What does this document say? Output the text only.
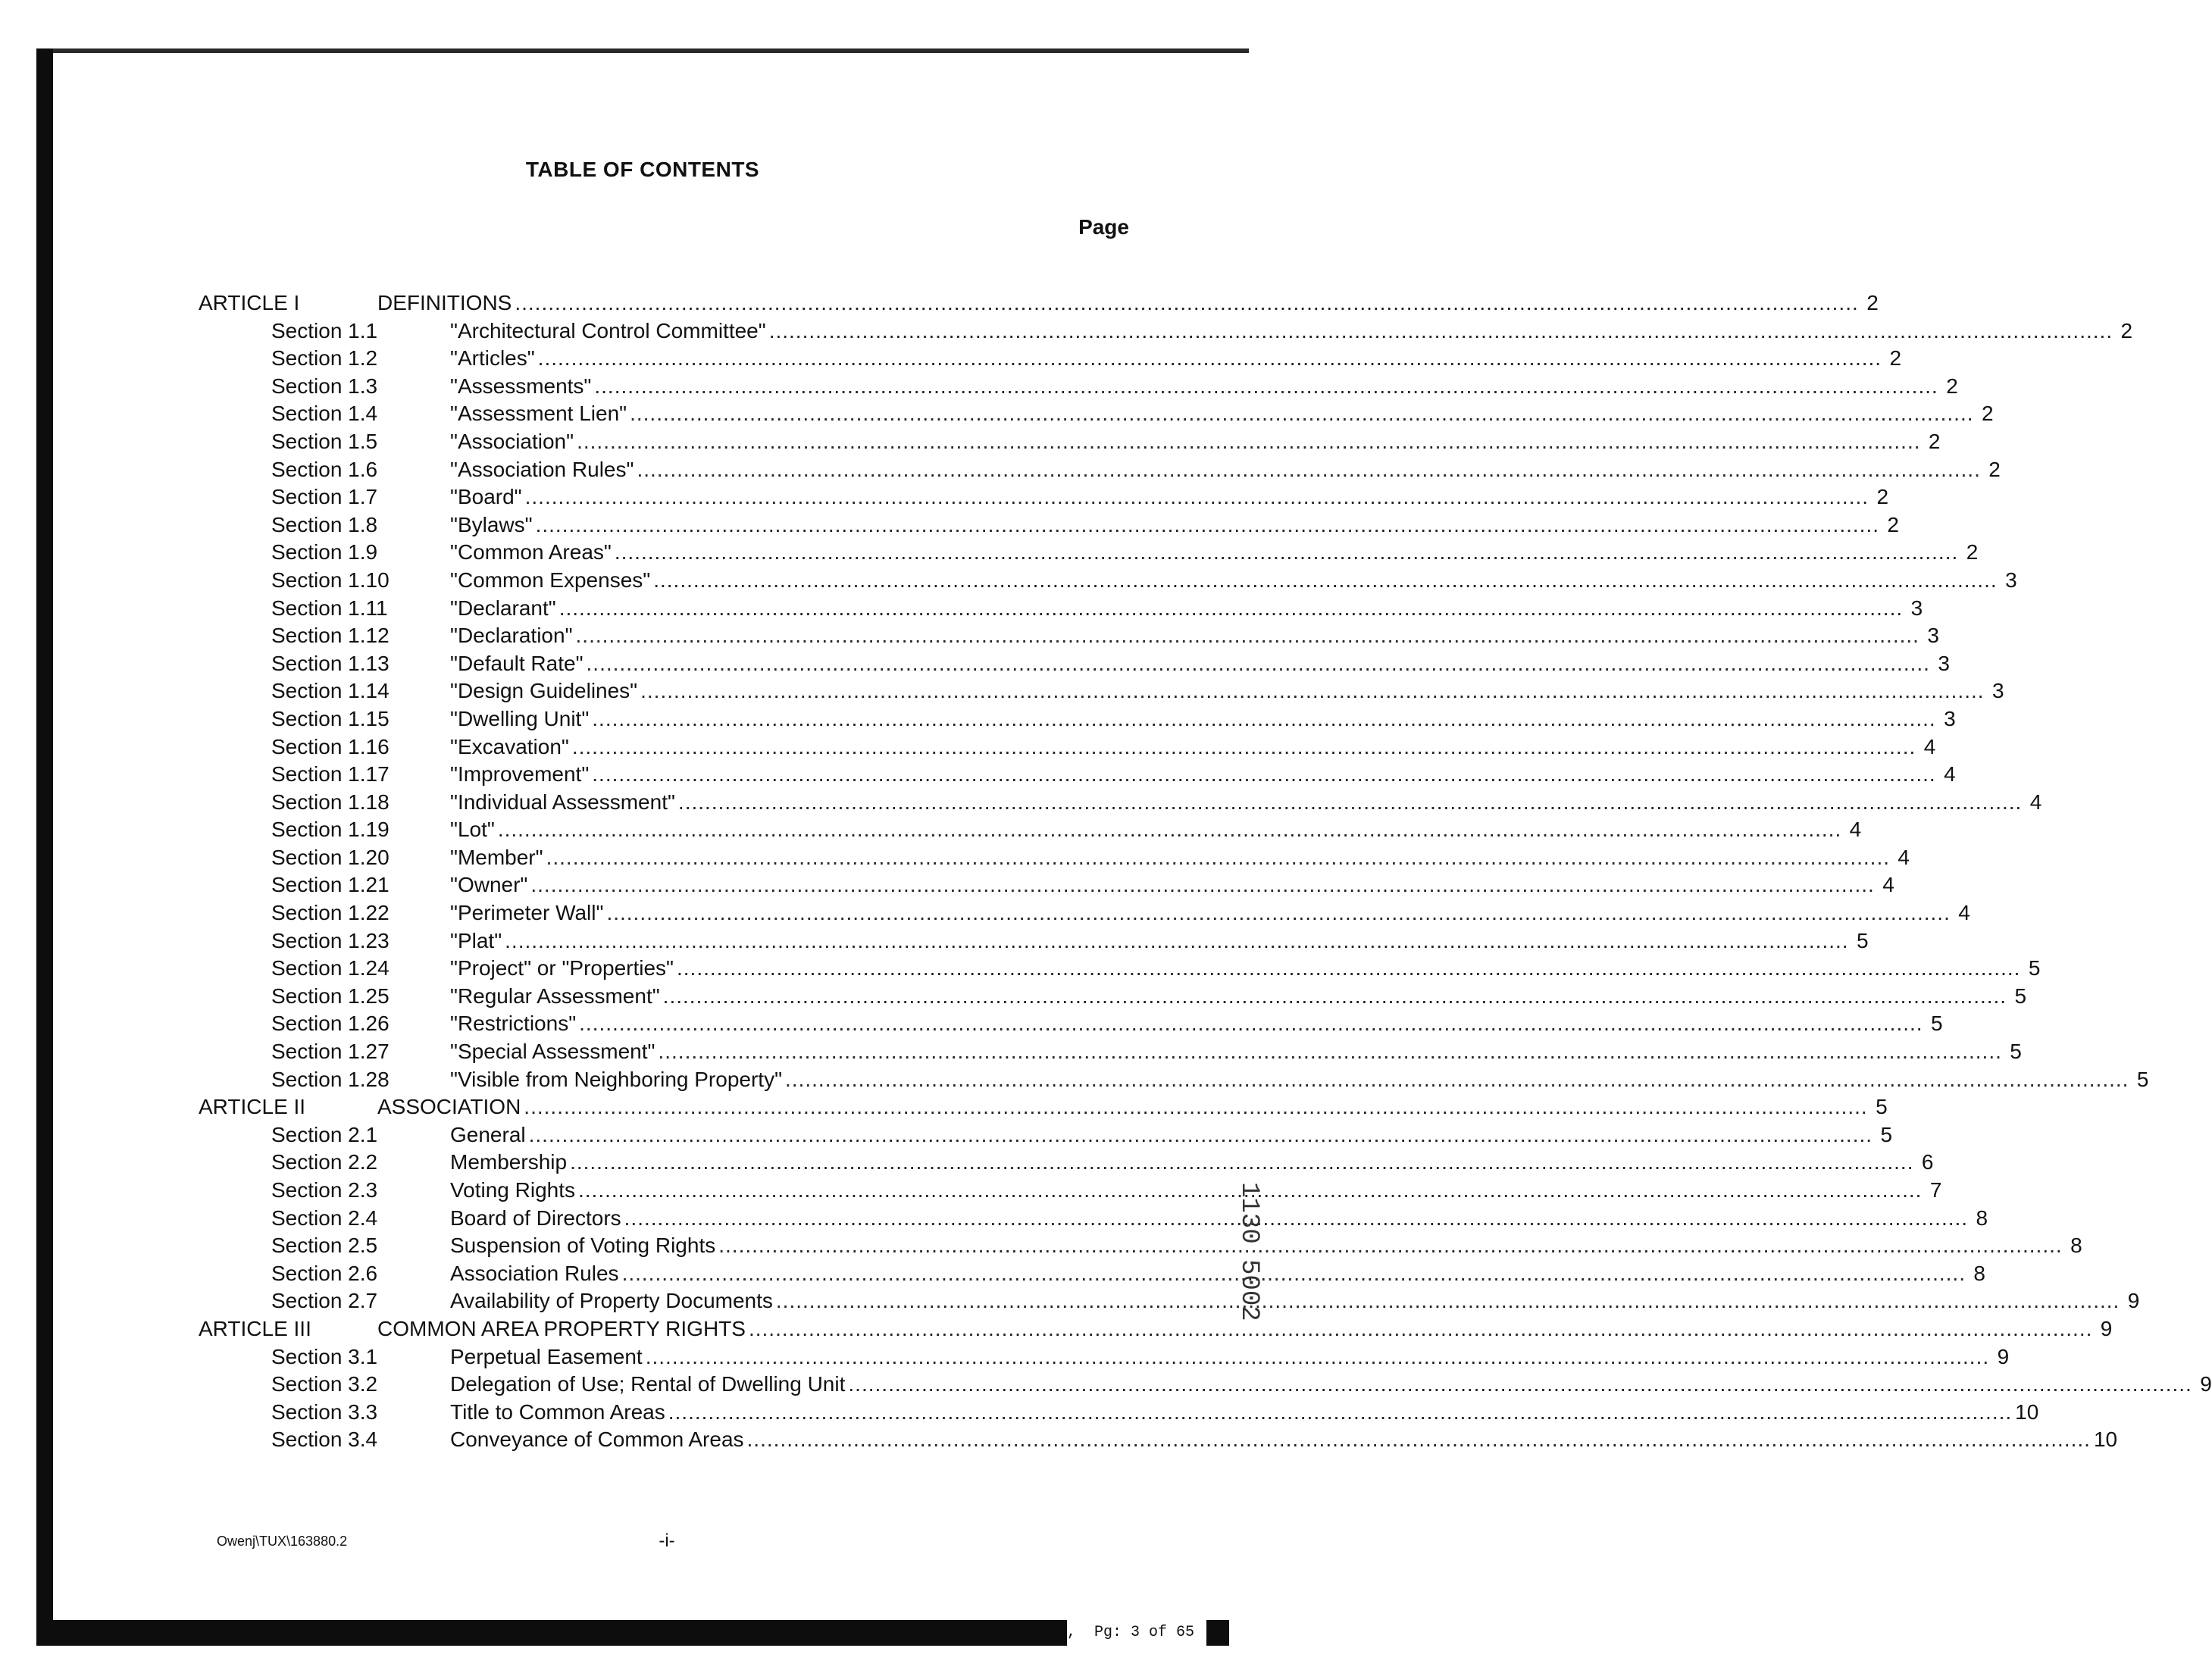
,  Pg: 3 of 65
TABLE OF CONTENTS
Page
ARTICLE I	DEFINITIONS .....	2
Section 1.1	"Architectural Control Committee" .....	2
Section 1.2	"Articles" .....	2
Section 1.3	"Assessments" .....	2
Section 1.4	"Assessment Lien" .....	2
Section 1.5	"Association" .....	2
Section 1.6	"Association Rules" .....	2
Section 1.7	"Board" .....	2
Section 1.8	"Bylaws" .....	2
Section 1.9	"Common Areas" .....	2
Section 1.10	"Common Expenses" .....	3
Section 1.11	"Declarant" .....	3
Section 1.12	"Declaration" .....	3
Section 1.13	"Default Rate" .....	3
Section 1.14	"Design Guidelines" .....	3
Section 1.15	"Dwelling Unit" .....	3
Section 1.16	"Excavation" .....	4
Section 1.17	"Improvement" .....	4
Section 1.18	"Individual Assessment" .....	4
Section 1.19	"Lot" .....	4
Section 1.20	"Member" .....	4
Section 1.21	"Owner" .....	4
Section 1.22	"Perimeter Wall" .....	4
Section 1.23	"Plat" .....	5
Section 1.24	"Project" or "Properties" .....	5
Section 1.25	"Regular Assessment" .....	5
Section 1.26	"Restrictions" .....	5
Section 1.27	"Special Assessment" .....	5
Section 1.28	"Visible from Neighboring Property" .....	5
ARTICLE II	ASSOCIATION .....	5
Section 2.1	General .....	5
Section 2.2	Membership .....	6
Section 2.3	Voting Rights .....	7
Section 2.4	Board of Directors .....	8
Section 2.5	Suspension of Voting Rights .....	8
Section 2.6	Association Rules .....	8
Section 2.7	Availability of Property Documents .....	9
ARTICLE III	COMMON AREA PROPERTY RIGHTS .....	9
Section 3.1	Perpetual Easement .....	9
Section 3.2	Delegation of Use; Rental of Dwelling Unit .....	9
Section 3.3	Title to Common Areas .....	10
Section 3.4	Conveyance of Common Areas .....	10
Owenj\TUX\163880.2	-i-
1130 5002
